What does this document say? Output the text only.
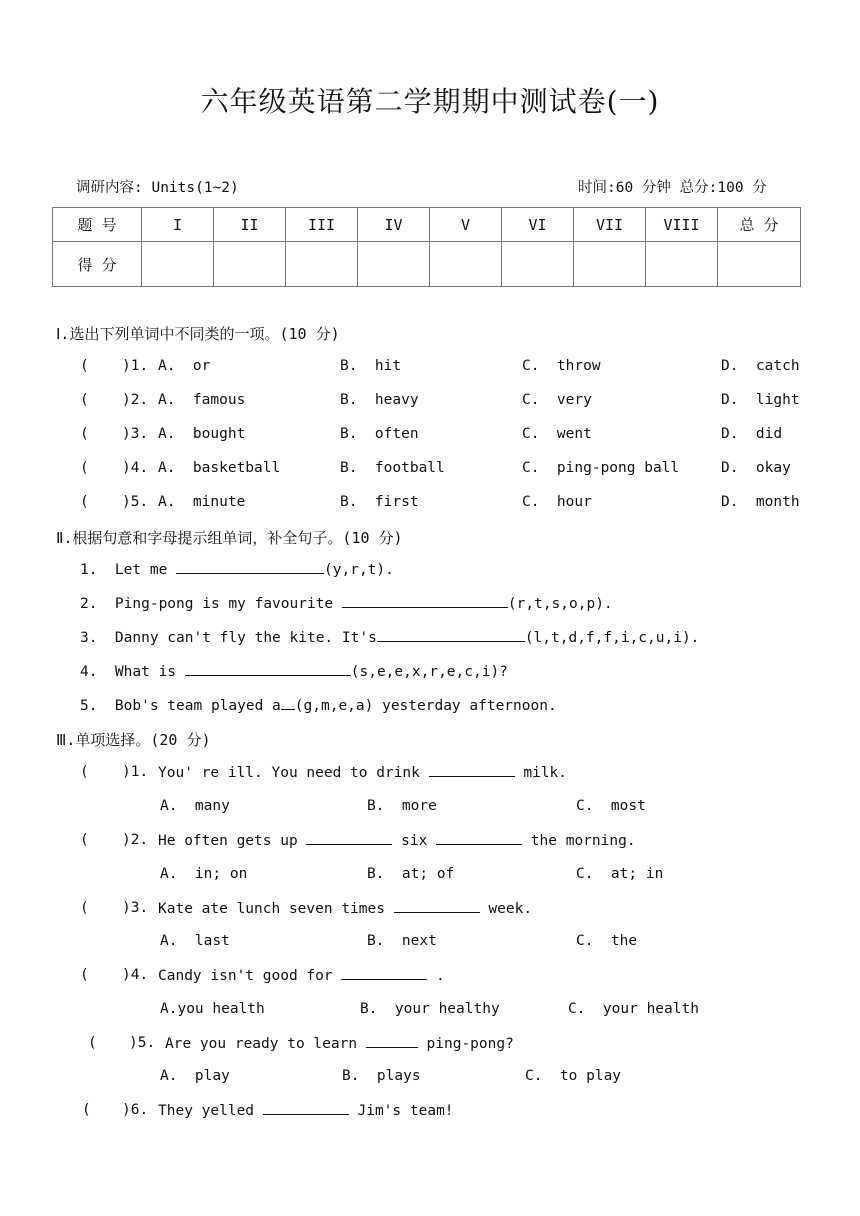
六年级英语第二学期期中测试卷(一)
调研内容: Units(1~2)	时间:60 分钟 总分:100 分
题 号	I	II	III	IV	V	VI	VII	VIII	总 分
得 分									
Ⅰ.选出下列单词中不同类的一项。(10 分)
( )1. A.  or	B.  hit	C.  throw	D.  catch
( )2. A.  famous	B.  heavy	C.  very	D.  light
( )3. A.  bought	B.  often	C.  went	D.  did
( )4. A.  basketball	B.  football	C.  ping-pong ball	D.  okay
( )5. A.  minute	B.  first	C.  hour	D.  month
Ⅱ.根据句意和字母提示组单词，补全句子。(10 分)
1.  Let me	(y,r,t).
2.  Ping-pong is my favourite	(r,t,s,o,p).
3.  Danny can't fly the kite. It's	(l,t,d,f,f,i,c,u,i).
4.  What is	(s,e,e,x,r,e,c,i)?
5.  Bob's team played a (g,m,e,a) yesterday afternoon.
Ⅲ.单项选择。(20 分)
( )1. You' re ill. You need to drink	milk.
A.  many	B.  more	C.  most
( )2. He often gets up	six	the morning.
A.  in; on	B.  at; of	C.  at; in
( )3. Kate ate lunch seven times	week.
A.  last	B.  next	C.  the
( )4. Candy isn't good for	.
A.you health	B.  your healthy	C.  your health
( )5. Are you ready to learn	ping-pong?
A.  play	B.  plays	C.  to play
( )6. They yelled	Jim's team!
